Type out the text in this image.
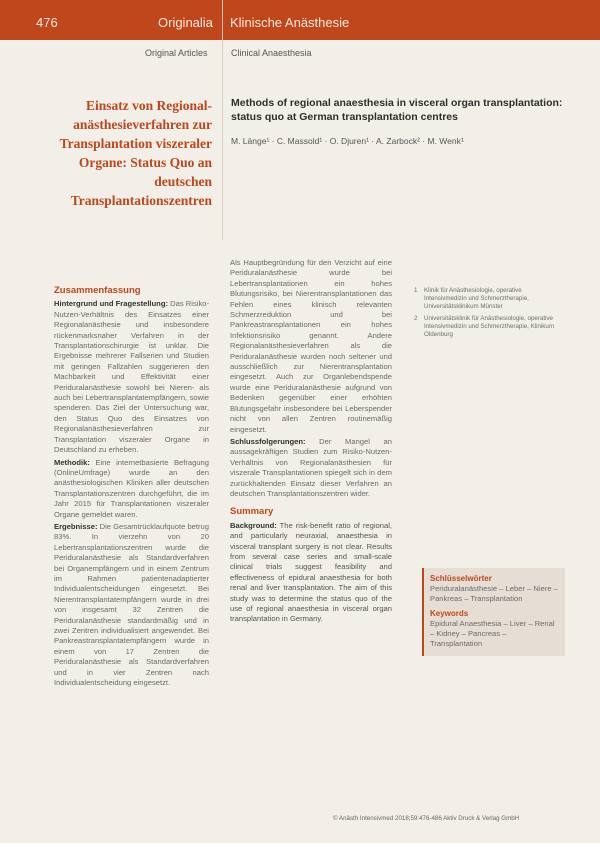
476	Originalia Klinische Anästhesie
Original Articles	Clinical Anaesthesia
Einsatz von Regional-anästhesieverfahren zur Transplantation viszeraler Organe: Status Quo an deutschen Transplantationszentren
Methods of regional anaesthesia in visceral organ transplantation: status quo at German transplantation centres
M. Länge¹ · C. Massold¹ · O. Djuren¹ · A. Zarbock² · M. Wenk¹
Zusammenfassung

Hintergrund und Fragestellung: Das Risiko-Nutzen-Verhältnis des Einsatzes einer Regionalanästhesie und insbesondere rückenmarksnaher Verfahren in der Transplantationschirurgie ist unklar. Die Ergebnisse mehrerer Fallserien und Studien mit geringen Fallzahlen suggerieren den Machbarkeit und Effektivität einer Periduralanästhesie sowohl bei Nieren- als auch bei Lebertransplantatempfängern, sowie spenderen. Das Ziel der Untersuchung war, den Status Quo des Einsatzes von Regionalanästhesieverfahren zur Transplantation viszeraler Organe in Deutschland zu erheben.

Methodik: Eine internetbasierte Befragung (OnlineUmfrage) wurde an den anästhesiologischen Kliniken aller deutschen Transplantationszentren durchgeführt, die im Jahr 2015 für Transplantationen viszeraler Organe gemeldet waren.

Ergebnisse: Die Gesamtrücklaufquote betrug 83%. In vierzehn von 20 Lebertransplantationszentren wurde die Periduralanästhesie als Standardverfahren bei Organempfängern und in einem Zentrum im Rahmen patientenadaptierter Individualentscheidungen eingesetzt. Bei Nierentransplantatempfängern wurde in drei von insgesamt 32 Zentren die Periduralanästhesie standardmäßig und in zwei Zentren individualisiert angewendet. Bei Pankreastransplantatempfängern wurde in einem von 17 Zentren die Periduralanästhesie als Standardverfahren und in vier Zentren nach Individualentscheidung eingesetzt.

Als Hauptbegründung für den Verzicht auf eine Periduralanästhesie wurde bei Lebertransplantationen ein hohes Blutungsrisiko, bei Nierentransplantationen das Fehlen eines klinisch relevanten Schmerzreduktion und bei Pankreastransplantationen ein hohes Infektionsrisiko genannt. Andere Regionalanästhesieverfahren als die Periduralanästhesie wurden noch seltener und ausschließlich zur Nierentransplantation eingesetzt. Auch zur Organlebendspende wurde eine Periduralanästhesie aufgrund von Bedenken gegenüber einer erhöhten Blutungsgefahr insbesondere bei Leberspender nicht von allen Zentren routinemäßig eingesetzt.

Schlussfolgerungen: Der Mangel an aussagekräftigen Studien zum Risiko-Nutzen-Verhältnis von Regionalanästhesien für viszerale Transplantationen spiegelt sich in dem zurückhaltenden Einsatz dieser Verfahren an deutschen Transplantationszentren wider.

Summary

Background: The risk-benefit ratio of regional, and particularly neuraxial, anaesthesia in visceral transplant surgery is not clear. Results from several case series and small-scale clinical trials suggest feasibility and effectiveness of epidural anaesthesia for both renal and liver transplantation. The aim of this study was to determine the status quo of the use of regional anaesthesia in visceral organ transplantation in Germany.

1	Klinik für Anästhesiologie, operative Intensivmedizin und Schmerztherapie, Universitätsklinikum Münster
2	Universitätsklinik für Anästhesiologie, operative Intensivmedizin und Schmerztherapie, Klinikum Oldenburg
Schlüsselwörter
Periduralanästhesie – Leber – Niere – Pankreas – Transplantation
Keywords
Epidural Anaesthesia – Liver – Renal – Kidney – Pancreas – Transplantation
© Anästh Intensivmed 2018;59:476-486 Aktiv Druck & Verlag GmbH
